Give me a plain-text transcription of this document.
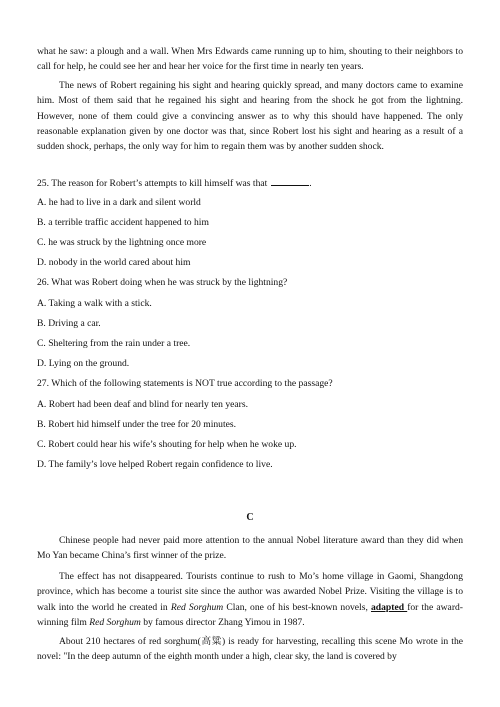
what he saw: a plough and a wall. When Mrs Edwards came running up to him, shouting to their neighbors to call for help, he could see her and hear her voice for the first time in nearly ten years.

The news of Robert regaining his sight and hearing quickly spread, and many doctors came to examine him. Most of them said that he regained his sight and hearing from the shock he got from the lightning. However, none of them could give a convincing answer as to why this should have happened. The only reasonable explanation given by one doctor was that, since Robert lost his sight and hearing as a result of a sudden shock, perhaps, the only way for him to regain them was by another sudden shock.

25. The reason for Robert’s attempts to kill himself was that	.

A. he had to live in a dark and silent world

B. a terrible traffic accident happened to him

C. he was struck by the lightning once more

D. nobody in the world cared about him

26. What was Robert doing when he was struck by the lightning?

A. Taking a walk with a stick.

B. Driving a car.

C. Sheltering from the rain under a tree.

D. Lying on the ground.

27. Which of the following statements is NOT true according to the passage?

A. Robert had been deaf and blind for nearly ten years.

B. Robert hid himself under the tree for 20 minutes.

C. Robert could hear his wife’s shouting for help when he woke up.

D. The family’s love helped Robert regain confidence to live.

C

Chinese people had never paid more attention to the annual Nobel literature award than they did when Mo Yan became China’s first winner of the prize.

The effect has not disappeared. Tourists continue to rush to Mo’s home village in Gaomi, Shangdong province, which has become a tourist site since the author was awarded Nobel Prize. Visiting the village is to walk into the world he created in Red Sorghum Clan, one of his best-known novels, adapted for the award-winning film Red Sorghum by famous director Zhang Yimou in 1987.

About 210 hectares of red sorghum(高粱) is ready for harvesting, recalling this scene Mo wrote in the novel: "In the deep autumn of the eighth month under a high, clear sky, the land is covered by
